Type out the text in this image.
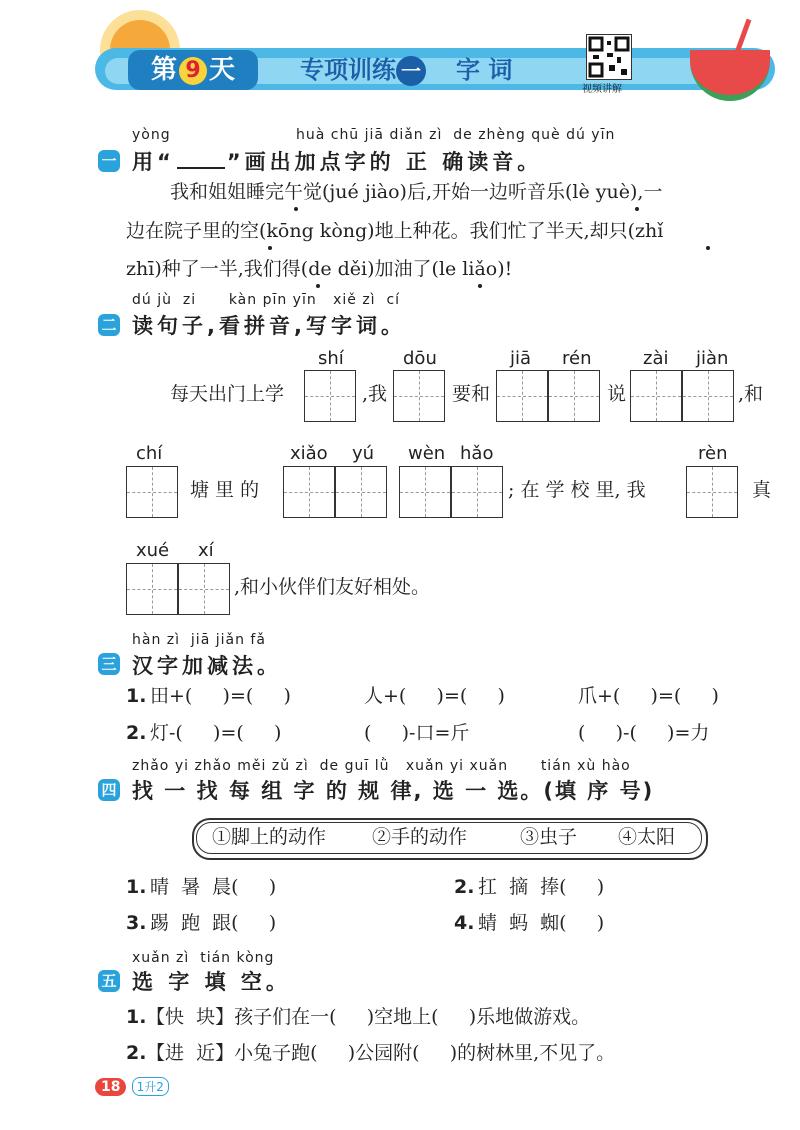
第 9 天	专项训练 一 字 词
视频讲解
yòng                       huà chū jiā diǎn zì  de zhèng què dú yīn
一 用“ ”画出加点字的 正 确读音。
我和姐姐睡完午觉(jué jiào)后,开始一边听音乐(lè yuè),一
边在院子里的空(kōng kòng)地上种花。我们忙了半天,却只(zhǐ
zhī)种了一半,我们得(de děi)加油了(le liǎo)!
dú jù  zi      kàn pīn yīn   xiě zì  cí
二 读句子,看拼音,写字词。
shí	dōu	jiā rén	zài jiàn
每天出门上学	,我	要和	说	,和
chí	xiǎo yú wèn hǎo	rèn
塘 里 的	; 在 学 校 里, 我	真
xué xí
,和小伙伴们友好相处。
hàn zì  jiā jiǎn fǎ
三 汉字加减法。
1. 田+(     )=(     )	人+(     )=(     )	爪+(     )=(     )
2. 灯-(     )=(     )	(     )-口=斤	(     )-(     )=力
zhǎo yi zhǎo měi zǔ zì  de guī lǜ   xuǎn yi xuǎn      tián xù hào
四 找 一 找 每 组 字 的 规 律, 选 一 选。(填 序 号)
①脚上的动作 ②手的动作	③虫子 ④太阳
1. 晴  暑  晨(     )	2. 扛  摘  捧(     )
3. 踢  跑  跟(     )	4. 蜻  蚂  蜘(     )
xuǎn zì  tián kòng
五 选 字 填 空。
1. 【快  块】孩子们在一(     )空地上(     )乐地做游戏。
2. 【进  近】小兔子跑(     )公园附(     )的树林里,不见了。
18 1升2
